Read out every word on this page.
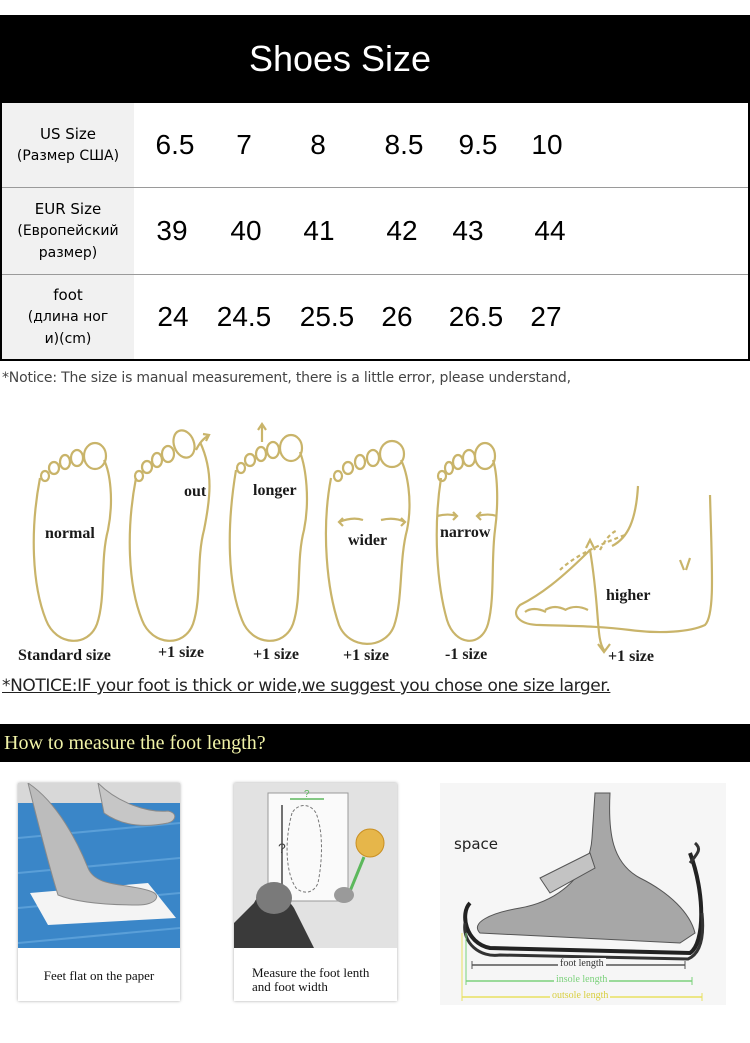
Shoes Size
US Size
(Размер США)	6.5	7	8	8.5	9.5	10
EUR Size
(Европейский
размер)
39	40	41	42	43	44
foot
(длина ног
и)(cm)
24	24.5	25.5 26	26.5 27
*Notice: The size is manual measurement, there is a little error, please understand,
normal
out	longer
wider	narrow
higher
Standard size	+1 size	+1 size	+1 size	-1 size	+1 size
*NOTICE:IF your foot is thick or wide,we suggest you chose one size larger.
How to measure the foot length?
Feet flat on the paper
?
?
Measure the foot lenth
and foot width
space
foot length
insole length
outsole length
